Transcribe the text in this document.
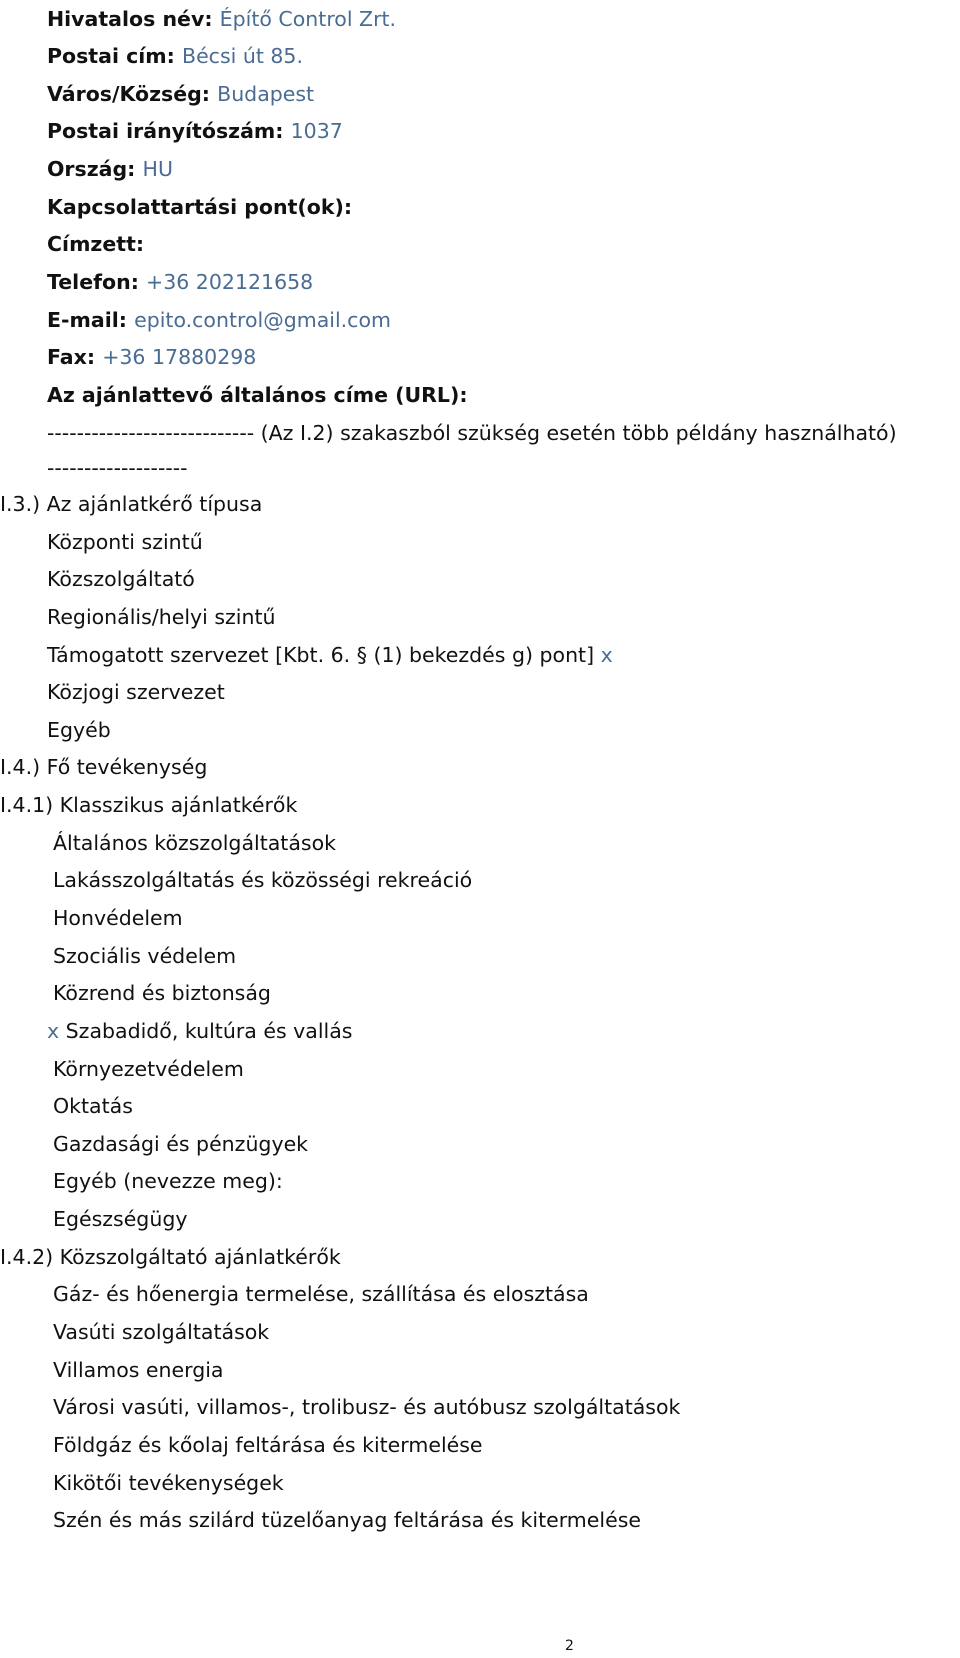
Hivatalos név: Építő Control Zrt.
Postai cím: Bécsi út 85.
Város/Község: Budapest
Postai irányítószám: 1037
Ország: HU
Kapcsolattartási pont(ok):
Címzett:
Telefon: +36 202121658
E-mail: epito.control@gmail.com
Fax: +36 17880298
Az ajánlattevő általános címe (URL):
---------------------------- (Az I.2) szakaszból szükség esetén több példány használható)
-------------------
I.3.) Az ajánlatkérő típusa
Központi szintű
Közszolgáltató
Regionális/helyi szintű
Támogatott szervezet [Kbt. 6. § (1) bekezdés g) pont] x
Közjogi szervezet
Egyéb
I.4.) Fő tevékenység
I.4.1) Klasszikus ajánlatkérők
Általános közszolgáltatások
Lakásszolgáltatás és közösségi rekreáció
Honvédelem
Szociális védelem
Közrend és biztonság
x Szabadidő, kultúra és vallás
Környezetvédelem
Oktatás
Gazdasági és pénzügyek
Egyéb (nevezze meg):
Egészségügy
I.4.2) Közszolgáltató ajánlatkérők
Gáz- és hőenergia termelése, szállítása és elosztása
Vasúti szolgáltatások
Villamos energia
Városi vasúti, villamos-, trolibusz- és autóbusz szolgáltatások
Földgáz és kőolaj feltárása és kitermelése
Kikötői tevékenységek
Szén és más szilárd tüzelőanyag feltárása és kitermelése
2
